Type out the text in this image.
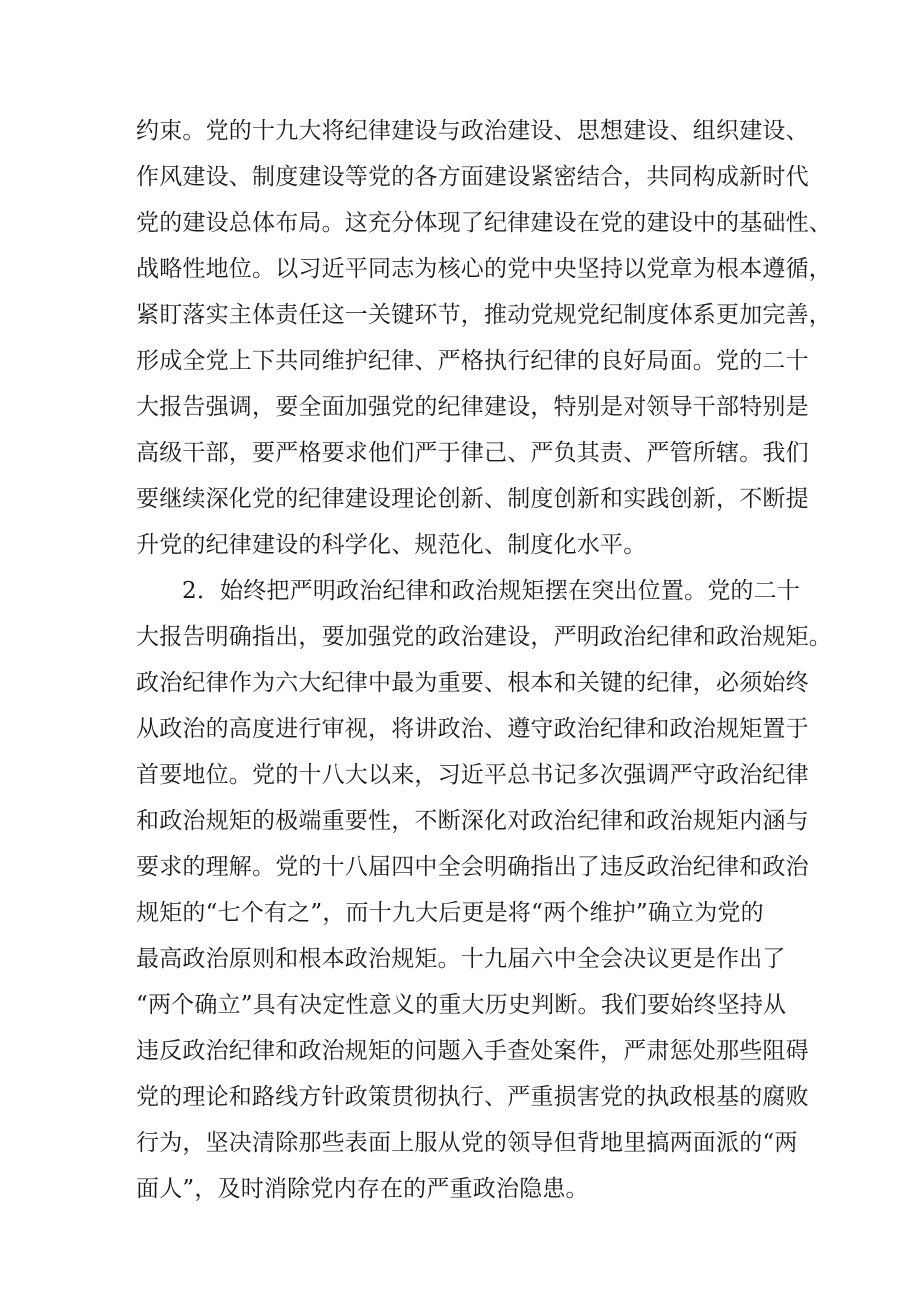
约束。党的十九大将纪律建设与政治建设、思想建设、组织建设、
作风建设、制度建设等党的各方面建设紧密结合，共同构成新时代
党的建设总体布局。这充分体现了纪律建设在党的建设中的基础性、
战略性地位。以习近平同志为核心的党中央坚持以党章为根本遵循，
紧盯落实主体责任这一关键环节，推动党规党纪制度体系更加完善，
形成全党上下共同维护纪律、严格执行纪律的良好局面。党的二十
大报告强调，要全面加强党的纪律建设，特别是对领导干部特别是
高级干部，要严格要求他们严于律己、严负其责、严管所辖。我们
要继续深化党的纪律建设理论创新、制度创新和实践创新，不断提
升党的纪律建设的科学化、规范化、制度化水平。
2．始终把严明政治纪律和政治规矩摆在突出位置。党的二十
大报告明确指出，要加强党的政治建设，严明政治纪律和政治规矩。
政治纪律作为六大纪律中最为重要、根本和关键的纪律，必须始终
从政治的高度进行审视，将讲政治、遵守政治纪律和政治规矩置于
首要地位。党的十八大以来，习近平总书记多次强调严守政治纪律
和政治规矩的极端重要性，不断深化对政治纪律和政治规矩内涵与
要求的理解。党的十八届四中全会明确指出了违反政治纪律和政治
规矩的“七个有之”，而十九大后更是将“两个维护”确立为党的
最高政治原则和根本政治规矩。十九届六中全会决议更是作出了
“两个确立”具有决定性意义的重大历史判断。我们要始终坚持从
违反政治纪律和政治规矩的问题入手查处案件，严肃惩处那些阻碍
党的理论和路线方针政策贯彻执行、严重损害党的执政根基的腐败
行为，坚决清除那些表面上服从党的领导但背地里搞两面派的“两
面人”，及时消除党内存在的严重政治隐患。
